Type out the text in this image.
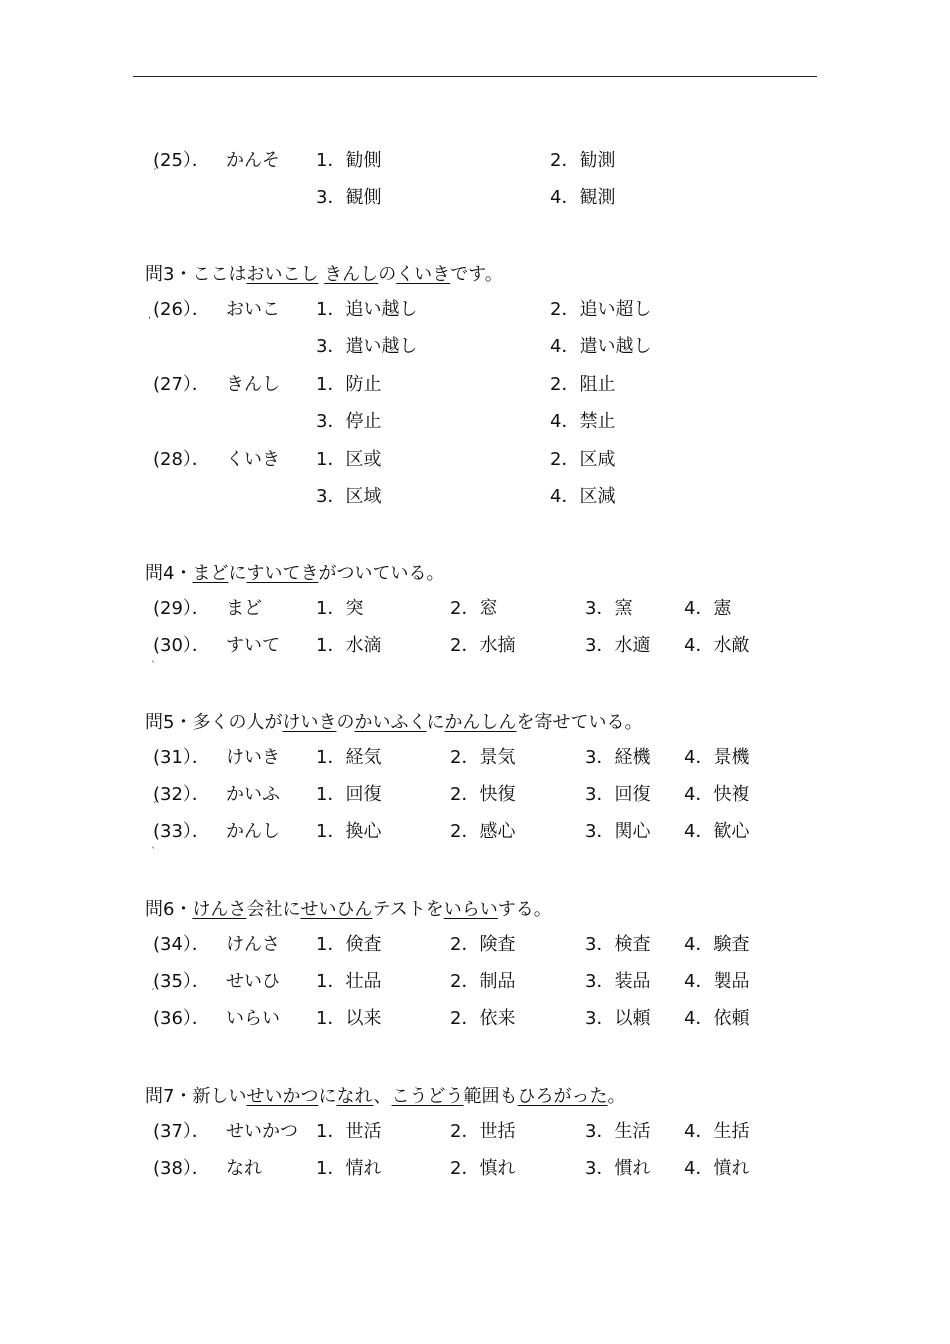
(25）． かんそ 1．勧側	2．勧測
ˊ
3．観側	4．観測
問3・ここはおいこし きんしのくいきです。
(26）． おいこ 1．追い越し	2．追い超し
ˈ
3．遣い越し	4．遣い越し
(27）． きんし 1．防止	2．阻止
3．停止	4．禁止
(28）． くいき 1．区或	2．区咸
3．区域	4．区減
問4・まどにすいてきがついている。
(29）． まど	1．突	2．窓	3．窯	4．憲
(30）． すいて 1．水滴	2．水摘	3．水適 4．水敵
ˎ
問5・多くの人がけいきのかいふくにかんしんを寄せている。
(31）． けいき 1．経気	2．景気	3．経機 4．景機
(32）． かいふ 1．回復	2．快復	3．回復 4．快複
ˊ
(33）． かんし 1．換心	2．感心	3．関心 4．歓心
ˎ
問6・けんさ会社にせいひんテストをいらいする。
(34）． けんさ 1．倹査	2．険査	3．検査 4．験査
(35）． せいひ 1．壮品	2．制品	3．装品 4．製品
ˊ
(36）． いらい 1．以来	2．依来	3．以頼 4．依頼
問7・新しいせいかつになれ、こうどう範囲もひろがった。
(37）． せいかつ 1．世活	2．世括	3．生活 4．生括
(38）． なれ	1．情れ	2．慎れ	3．慣れ 4．憤れ
